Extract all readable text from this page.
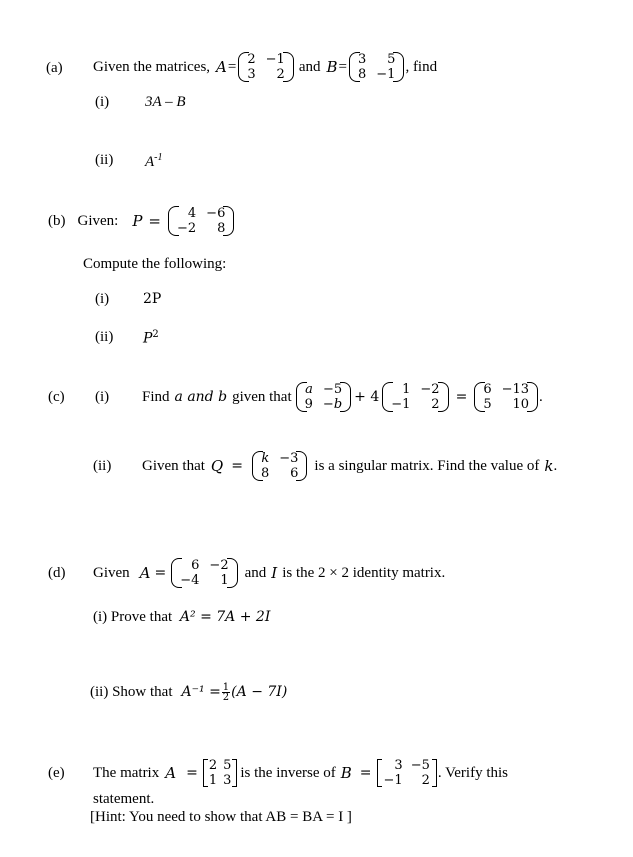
(a) Given the matrices, A = 2 −1
3	2 and B = 3	5
8 −1 , find
(i) 3A – B
(ii) $A^{-1}$
(b) Given: P =	4 −6
−2	8
Compute the following:
(i) 2P
(ii) $P^2$
(c) (i) Find a and b given that a −5
9 −b + 4	1 −2
−1	2 = 6 −13
5	10 .
(ii) Given that Q = k −3
8	6 is a singular matrix. Find the value of k .
(d) Given A =	6 −2
−4	1 and I is the 2 × 2 identity matrix.
(i) Prove that A² = 7A + 2I
(ii) Show that $A^{-1} = \frac{1}{2} (A - 7I)$
(e) The matrix A = 2 5
1 3 is the inverse of B =	3 −5
−1	2 . Verify this
statement.
[Hint: You need to show that AB = BA = I ]
